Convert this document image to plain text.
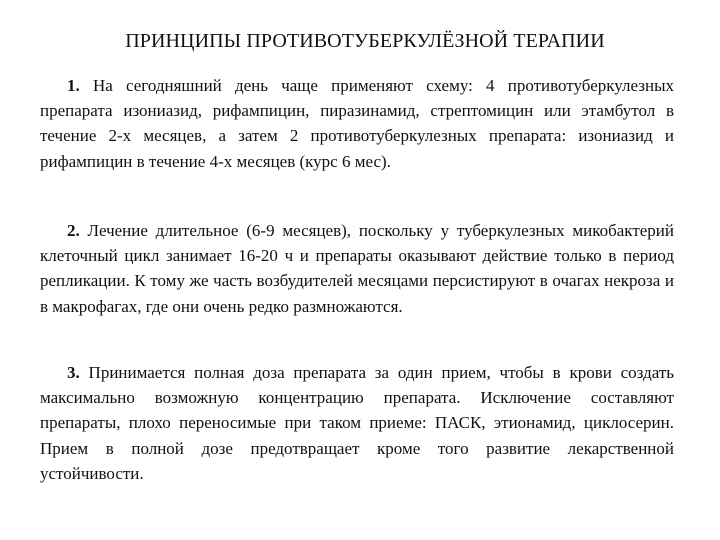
ПРИНЦИПЫ ПРОТИВОТУБЕРКУЛЁЗНОЙ ТЕРАПИИ

1. На сегодняшний день чаще применяют схему: 4 противотуберкулезных препарата изониазид, рифампицин, пиразинамид, стрептомицин или этамбутол в течение 2-х месяцев, а затем 2 противотуберкулезных препарата: изониазид и рифампицин в течение 4-х месяцев (курс 6 мес).

2. Лечение длительное (6-9 месяцев), поскольку у туберкулезных микобактерий клеточный цикл занимает 16-20 ч и препараты оказывают действие только в период репликации. К тому же часть возбудителей месяцами персистируют в очагах некроза и в макрофагах, где они очень редко размножаются.

3. Принимается полная доза препарата за один прием, чтобы в крови создать максимально возможную концентрацию препарата. Исключение составляют препараты, плохо переносимые при таком приеме: ПАСК, этионамид, циклосерин. Прием в полной дозе предотвращает кроме того развитие лекарственной устойчивости.
